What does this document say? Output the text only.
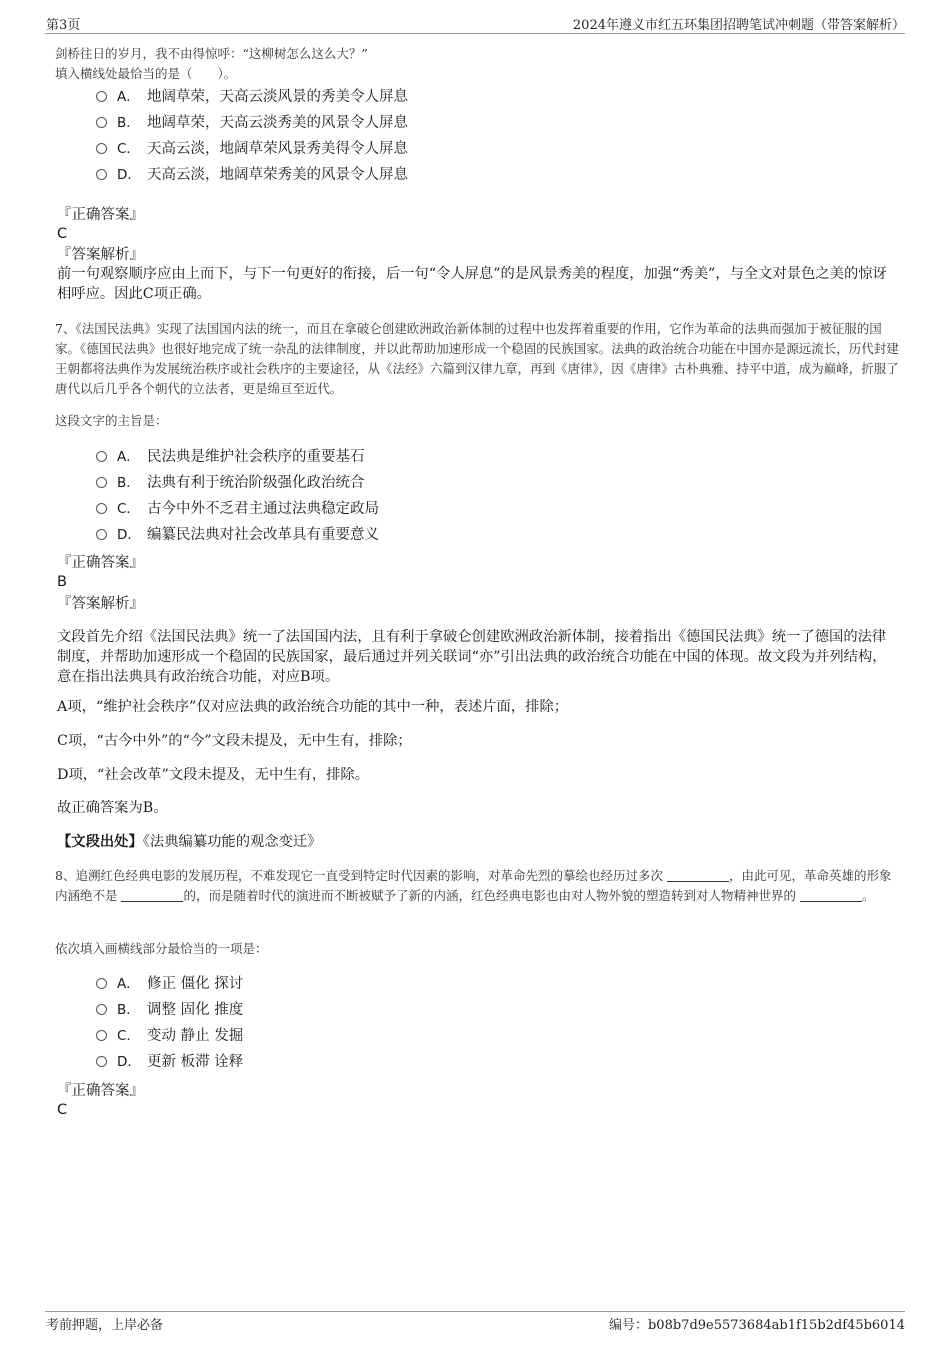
第3页	2024年遵义市红五环集团招聘笔试冲刺题（带答案解析）
剑桥往日的岁月，我不由得惊呼：“这柳树怎么这么大？”
填入横线处最恰当的是（　　）。
A． 地阔草荣，天高云淡风景的秀美令人屏息
B． 地阔草荣，天高云淡秀美的风景令人屏息
C． 天高云淡，地阔草荣风景秀美得令人屏息
D． 天高云淡，地阔草荣秀美的风景令人屏息
『正确答案』
C
『答案解析』
前一句观察顺序应由上而下，与下一句更好的衔接，后一句“令人屏息”的是风景秀美的程度，加强“秀美”，与全文对景色之美的惊讶相呼应。因此C项正确。
7、《法国民法典》实现了法国国内法的统一，而且在拿破仑创建欧洲政治新体制的过程中也发挥着重要的作用，它作为革命的法典而强加于被征服的国家。《德国民法典》也很好地完成了统一杂乱的法律制度，并以此帮助加速形成一个稳固的民族国家。法典的政治统合功能在中国亦是源远流长，历代封建王朝都将法典作为发展统治秩序或社会秩序的主要途径，从《法经》六篇到汉律九章，再到《唐律》，因《唐律》古朴典雅、持平中道，成为巅峰，折服了唐代以后几乎各个朝代的立法者，更是绵亘至近代。
这段文字的主旨是：
A． 民法典是维护社会秩序的重要基石
B． 法典有利于统治阶级强化政治统合
C． 古今中外不乏君主通过法典稳定政局
D． 编纂民法典对社会改革具有重要意义
『正确答案』
B
『答案解析』
文段首先介绍《法国民法典》统一了法国国内法，且有利于拿破仑创建欧洲政治新体制，接着指出《德国民法典》统一了德国的法律制度，并帮助加速形成一个稳固的民族国家，最后通过并列关联词“亦”引出法典的政治统合功能在中国的体现。故文段为并列结构，意在指出法典具有政治统合功能，对应B项。
A项，“维护社会秩序”仅对应法典的政治统合功能的其中一种，表述片面，排除；
C项，“古今中外”的“今”文段未提及，无中生有，排除；
D项，“社会改革”文段未提及，无中生有，排除。
故正确答案为B。
【文段出处】《法典编纂功能的观念变迁》
8、追溯红色经典电影的发展历程，不难发现它一直受到特定时代因素的影响，对革命先烈的摹绘也经历过多次	，由此可见，革命英雄的形象内涵绝不是	的，而是随着时代的演进而不断被赋予了新的内涵，红色经典电影也由对人物外貌的塑造转到对人物精神世界的	。
依次填入画横线部分最恰当的一项是：
A． 修正 僵化 探讨
B． 调整 固化 推度
C． 变动 静止 发掘
D． 更新 板滞 诠释
『正确答案』
C
考前押题，上岸必备	编号：b08b7d9e5573684ab1f15b2df45b6014
